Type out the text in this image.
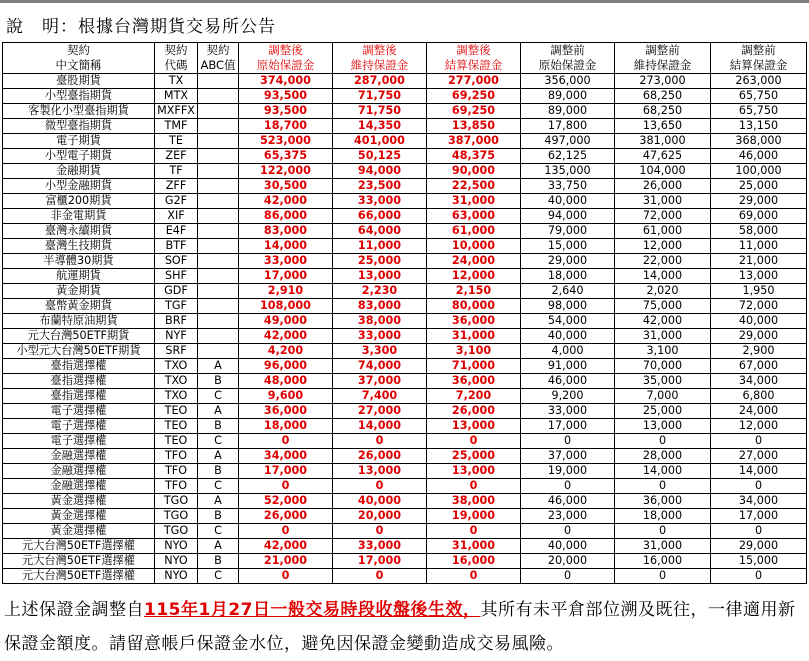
說　明：根據台灣期貨交易所公告
契約	契約	契約	調整後	調整後	調整後	調整前	調整前	調整前
中文簡稱	代碼	ABC值	原始保證金	維持保證金	結算保證金	原始保證金	維持保證金	結算保證金
臺股期貨	TX		374,000	287,000	277,000	356,000	273,000	263,000
小型臺指期貨	MTX		93,500	71,750	69,250	89,000	68,250	65,750
客製化小型臺指期貨	MXFFX		93,500	71,750	69,250	89,000	68,250	65,750
微型臺指期貨	TMF		18,700	14,350	13,850	17,800	13,650	13,150
電子期貨	TE		523,000	401,000	387,000	497,000	381,000	368,000
小型電子期貨	ZEF		65,375	50,125	48,375	62,125	47,625	46,000
金融期貨	TF		122,000	94,000	90,000	135,000	104,000	100,000
小型金融期貨	ZFF		30,500	23,500	22,500	33,750	26,000	25,000
富櫃200期貨	G2F		42,000	33,000	31,000	40,000	31,000	29,000
非金電期貨	XIF		86,000	66,000	63,000	94,000	72,000	69,000
臺灣永續期貨	E4F		83,000	64,000	61,000	79,000	61,000	58,000
臺灣生技期貨	BTF		14,000	11,000	10,000	15,000	12,000	11,000
半導體30期貨	SOF		33,000	25,000	24,000	29,000	22,000	21,000
航運期貨	SHF		17,000	13,000	12,000	18,000	14,000	13,000
黃金期貨	GDF		2,910	2,230	2,150	2,640	2,020	1,950
臺幣黃金期貨	TGF		108,000	83,000	80,000	98,000	75,000	72,000
布蘭特原油期貨	BRF		49,000	38,000	36,000	54,000	42,000	40,000
元大台灣50ETF期貨	NYF		42,000	33,000	31,000	40,000	31,000	29,000
小型元大台灣50ETF期貨	SRF		4,200	3,300	3,100	4,000	3,100	2,900
臺指選擇權	TXO	A	96,000	74,000	71,000	91,000	70,000	67,000
臺指選擇權	TXO	B	48,000	37,000	36,000	46,000	35,000	34,000
臺指選擇權	TXO	C	9,600	7,400	7,200	9,200	7,000	6,800
電子選擇權	TEO	A	36,000	27,000	26,000	33,000	25,000	24,000
電子選擇權	TEO	B	18,000	14,000	13,000	17,000	13,000	12,000
電子選擇權	TEO	C	0	0	0	0	0	0
金融選擇權	TFO	A	34,000	26,000	25,000	37,000	28,000	27,000
金融選擇權	TFO	B	17,000	13,000	13,000	19,000	14,000	14,000
金融選擇權	TFO	C	0	0	0	0	0	0
黃金選擇權	TGO	A	52,000	40,000	38,000	46,000	36,000	34,000
黃金選擇權	TGO	B	26,000	20,000	19,000	23,000	18,000	17,000
黃金選擇權	TGO	C	0	0	0	0	0	0
元大台灣50ETF選擇權	NYO	A	42,000	33,000	31,000	40,000	31,000	29,000
元大台灣50ETF選擇權	NYO	B	21,000	17,000	16,000	20,000	16,000	15,000
元大台灣50ETF選擇權	NYO	C	0	0	0	0	0	0
上述保證金調整自115年1月27日一般交易時段收盤後生效，其所有未平倉部位溯及既往，一律適用新保證金額度。請留意帳戶保證金水位，避免因保證金變動造成交易風險。
